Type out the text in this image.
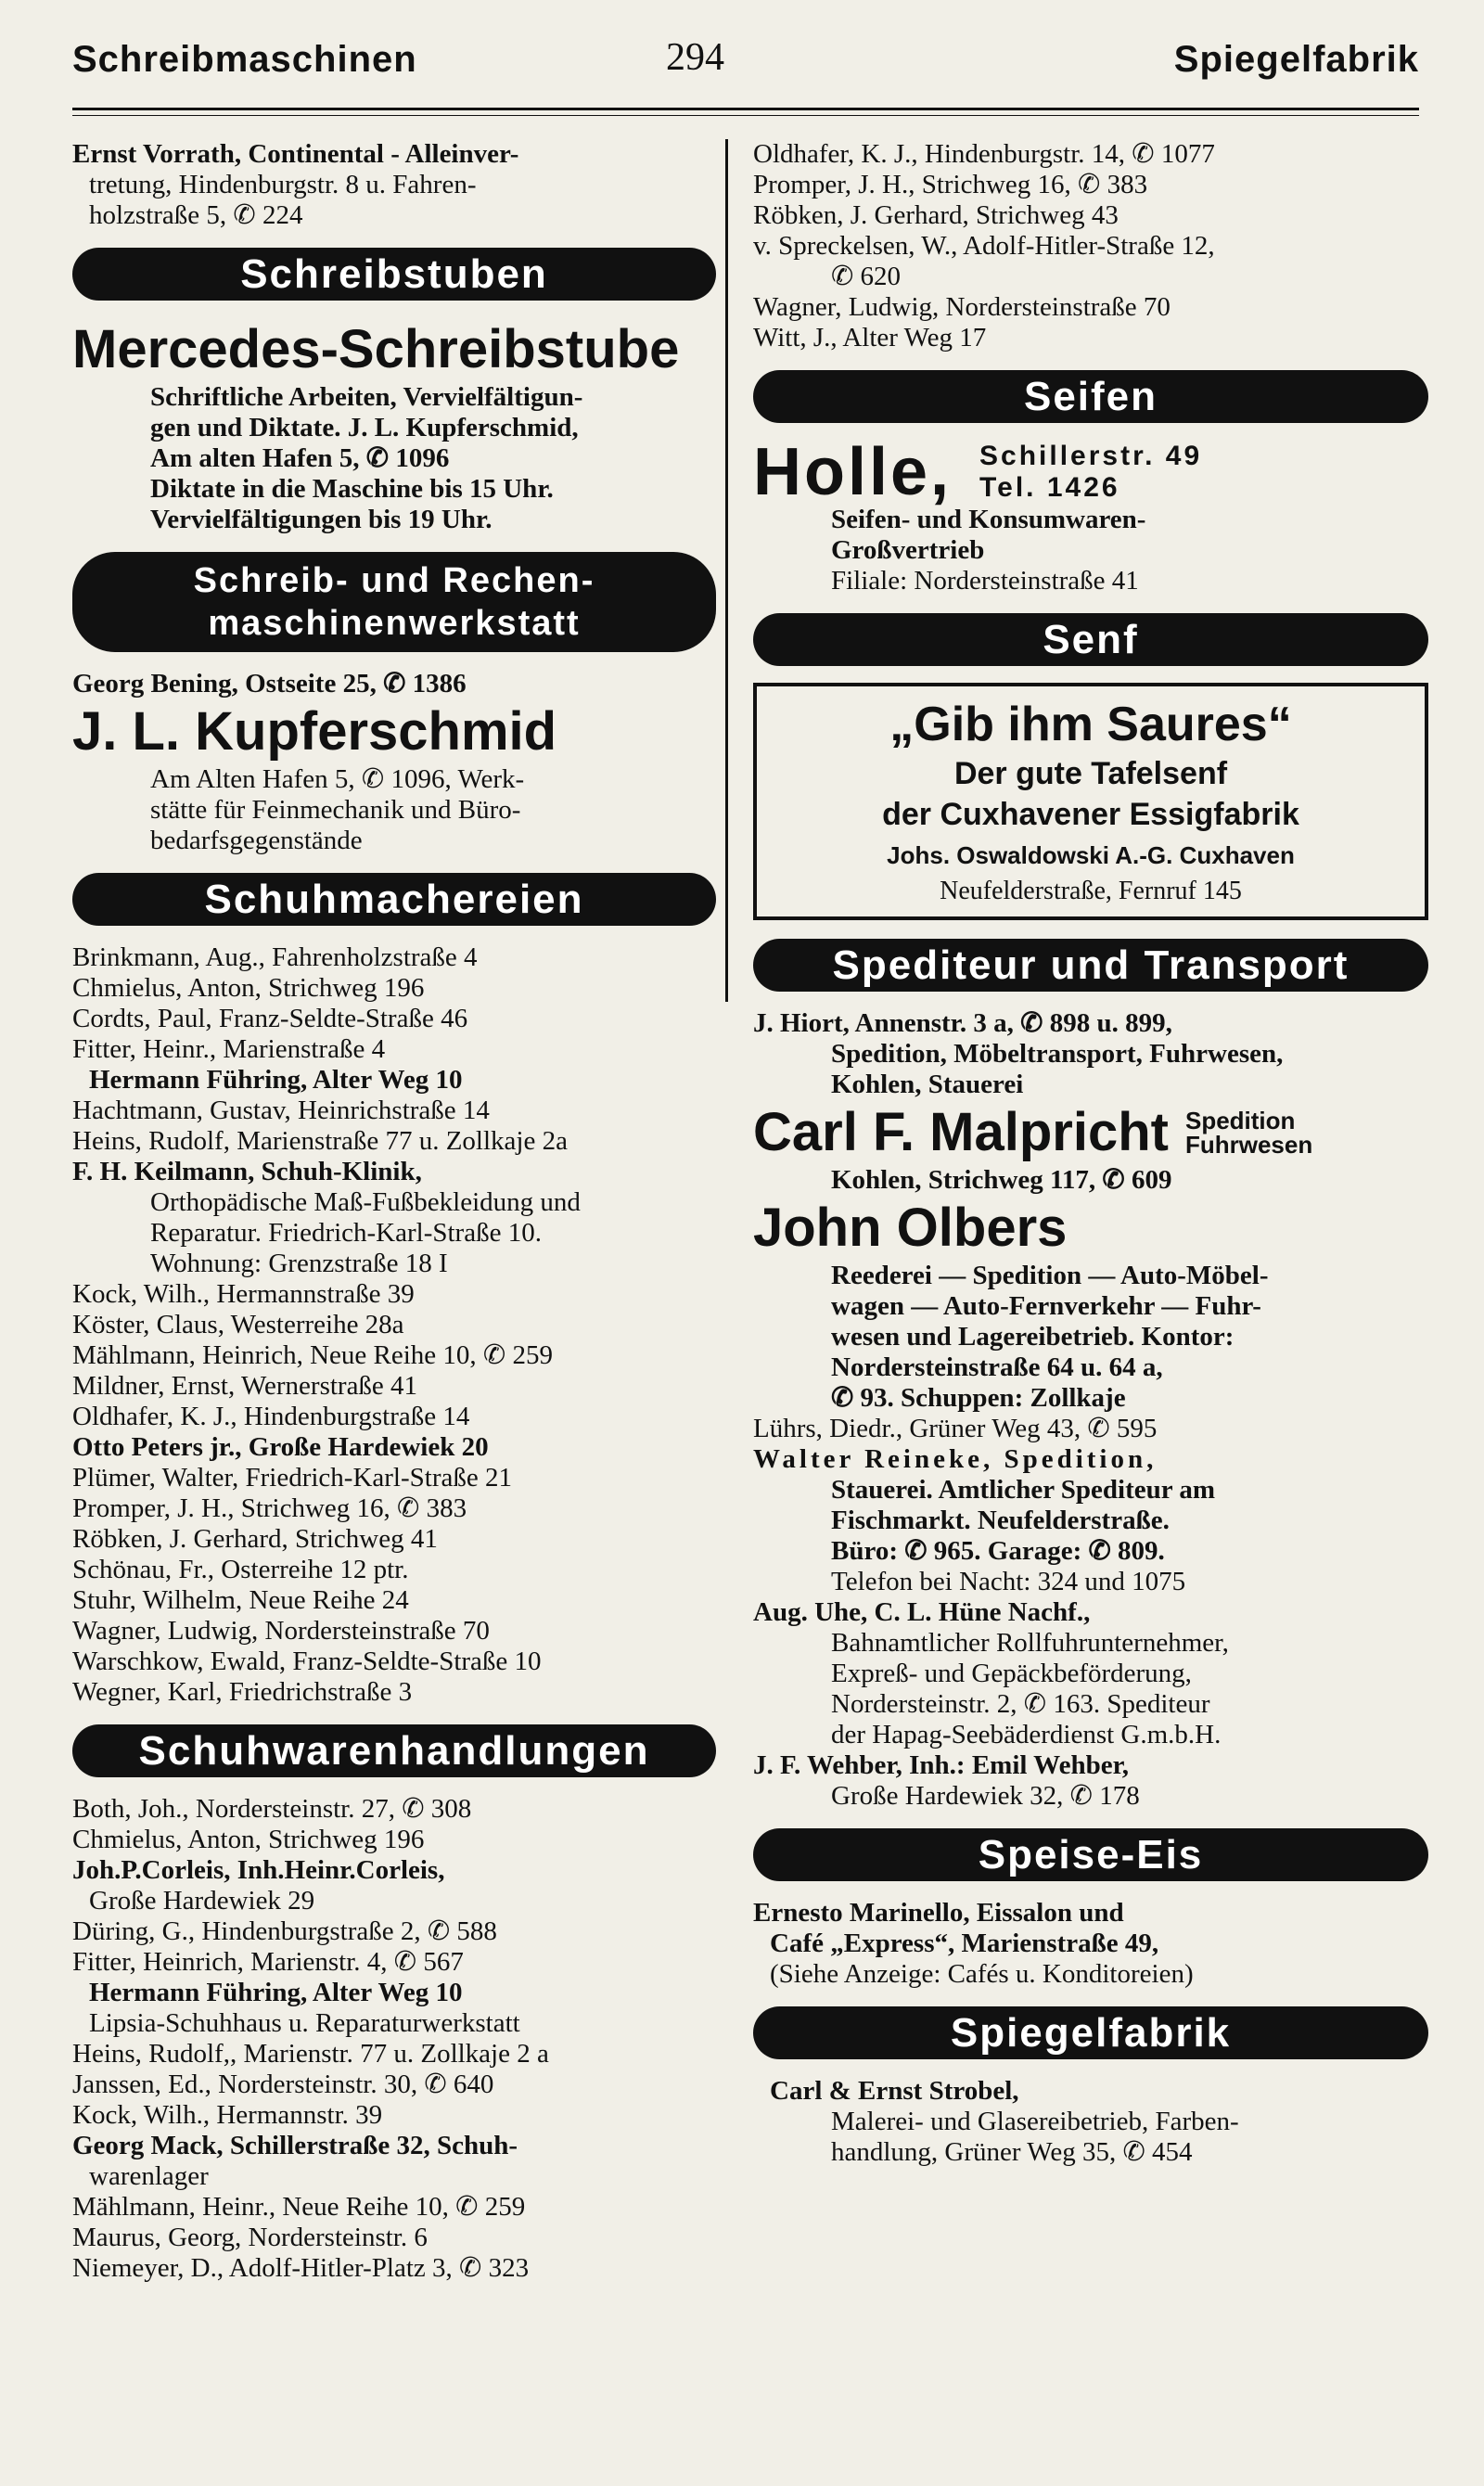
Schreibmaschinen	294	Spiegelfabrik
Ernst Vorrath, Continental - Alleinver-
tretung, Hindenburgstr. 8 u. Fahren-
holzstraße 5, ✆ 224
Schreibstuben
Mercedes-Schreibstube
Schriftliche Arbeiten, Vervielfältigun-
gen und Diktate. J. L. Kupferschmid,
Am alten Hafen 5, ✆ 1096
Diktate in die Maschine bis 15 Uhr.
Vervielfältigungen bis 19 Uhr.
Schreib- und Rechen-
maschinenwerkstatt
Georg Bening, Ostseite 25, ✆ 1386
J. L. Kupferschmid
Am Alten Hafen 5, ✆ 1096, Werk-
stätte für Feinmechanik und Büro-
bedarfsgegenstände
Schuhmachereien
Brinkmann, Aug., Fahrenholzstraße 4
Chmielus, Anton, Strichweg 196
Cordts, Paul, Franz-Seldte-Straße 46
Fitter, Heinr., Marienstraße 4
Hermann Führing, Alter Weg 10
Hachtmann, Gustav, Heinrichstraße 14
Heins, Rudolf, Marienstraße 77 u. Zollkaje 2a
F. H. Keilmann, Schuh-Klinik,
Orthopädische Maß-Fußbekleidung und
Reparatur. Friedrich-Karl-Straße 10.
Wohnung: Grenzstraße 18 I
Kock, Wilh., Hermannstraße 39
Köster, Claus, Westerreihe 28a
Mählmann, Heinrich, Neue Reihe 10, ✆ 259
Mildner, Ernst, Wernerstraße 41
Oldhafer, K. J., Hindenburgstraße 14
Otto Peters jr., Große Hardewiek 20
Plümer, Walter, Friedrich-Karl-Straße 21
Promper, J. H., Strichweg 16, ✆ 383
Röbken, J. Gerhard, Strichweg 41
Schönau, Fr., Osterreihe 12 ptr.
Stuhr, Wilhelm, Neue Reihe 24
Wagner, Ludwig, Nordersteinstraße 70
Warschkow, Ewald, Franz-Seldte-Straße 10
Wegner, Karl, Friedrichstraße 3
Schuhwarenhandlungen
Both, Joh., Nordersteinstr. 27, ✆ 308
Chmielus, Anton, Strichweg 196
Joh.P.Corleis, Inh.Heinr.Corleis,
Große Hardewiek 29
Düring, G., Hindenburgstraße 2, ✆ 588
Fitter, Heinrich, Marienstr. 4, ✆ 567
Hermann Führing, Alter Weg 10
Lipsia-Schuhhaus u. Reparaturwerkstatt
Heins, Rudolf,, Marienstr. 77 u. Zollkaje 2 a
Janssen, Ed., Nordersteinstr. 30, ✆ 640
Kock, Wilh., Hermannstr. 39
Georg Mack, Schillerstraße 32, Schuh-
warenlager
Mählmann, Heinr., Neue Reihe 10, ✆ 259
Maurus, Georg, Nordersteinstr. 6
Niemeyer, D., Adolf-Hitler-Platz 3, ✆ 323
Oldhafer, K. J., Hindenburgstr. 14, ✆ 1077
Promper, J. H., Strichweg 16, ✆ 383
Röbken, J. Gerhard, Strichweg 43
v. Spreckelsen, W., Adolf-Hitler-Straße 12,
✆ 620
Wagner, Ludwig, Nordersteinstraße 70
Witt, J., Alter Weg 17
Seifen
Holle, Schillerstr. 49
Tel. 1426
Seifen- und Konsumwaren-
Großvertrieb
Filiale: Nordersteinstraße 41
Senf
„Gib ihm Saures“
Der gute Tafelsenf
der Cuxhavener Essigfabrik
Johs. Oswaldowski A.-G. Cuxhaven
Neufelderstraße, Fernruf 145
Spediteur und Transport
J. Hiort, Annenstr. 3 a, ✆ 898 u. 899,
Spedition, Möbeltransport, Fuhrwesen,
Kohlen, Stauerei
Carl F. Malpricht Spedition
Fuhrwesen
Kohlen, Strichweg 117, ✆ 609
John Olbers
Reederei — Spedition — Auto-Möbel-
wagen — Auto-Fernverkehr — Fuhr-
wesen und Lagereibetrieb. Kontor:
Nordersteinstraße 64 u. 64 a,
✆ 93. Schuppen: Zollkaje
Lührs, Diedr., Grüner Weg 43, ✆ 595
Walter Reineke, Spedition,
Stauerei. Amtlicher Spediteur am
Fischmarkt. Neufelderstraße.
Büro: ✆ 965. Garage: ✆ 809.
Telefon bei Nacht: 324 und 1075
Aug. Uhe, C. L. Hüne Nachf.,
Bahnamtlicher Rollfuhrunternehmer,
Expreß- und Gepäckbeförderung,
Nordersteinstr. 2, ✆ 163. Spediteur
der Hapag-Seebäderdienst G.m.b.H.
J. F. Wehber, Inh.: Emil Wehber,
Große Hardewiek 32, ✆ 178
Speise-Eis
Ernesto Marinello, Eissalon und
Café „Express“, Marienstraße 49,
(Siehe Anzeige: Cafés u. Konditoreien)
Spiegelfabrik
Carl & Ernst Strobel,
Malerei- und Glasereibetrieb, Farben-
handlung, Grüner Weg 35, ✆ 454
